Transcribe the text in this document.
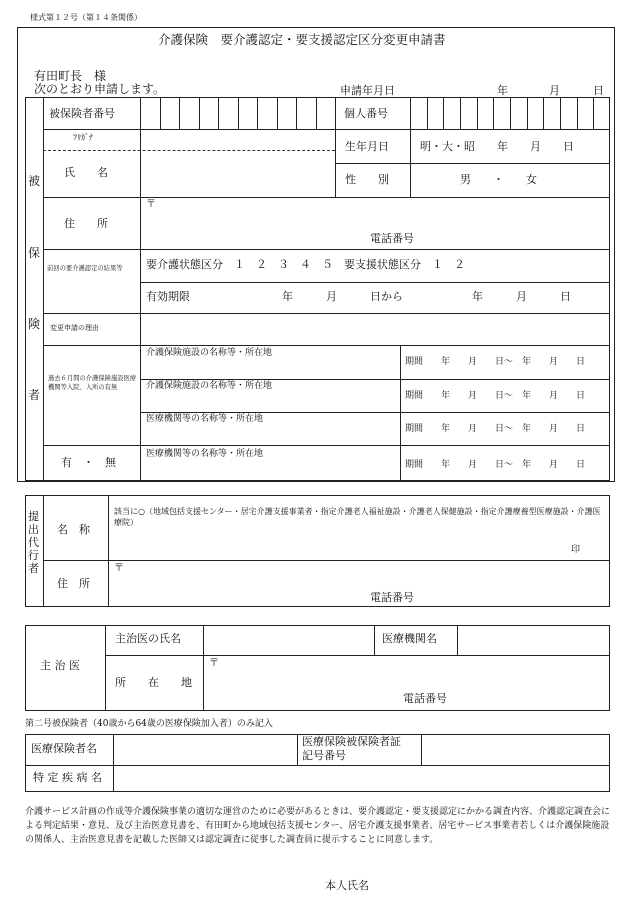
様式第１２号（第１４条関係）
介護保険　要介護認定・要支援認定区分変更申請書
有田町長　様
次のとおり申請します。	申請年月日	年	月	日
被
保
険
者
被保険者番号	個人番号
ﾌﾘｶﾞﾅ
氏　　名
生年月日	明・大・昭　　年　　月　　日
性　　別	男　　・　　女
住　　所
〒
電話番号
前回の要介護認定の結果等	要介護状態区分　１　２　３　４　５　要支援状態区分　１　２
有効期限	年　　　月　　　日から	年　　　月　　　日
変更申請の理由
過去６月間の介護保険施設医療機関等入院、入所の有無
有　・　無
介護保険施設の名称等・所在地
期間　　年　　月　　日～　年　　月　　日
介護保険施設の名称等・所在地
期間　　年　　月　　日～　年　　月　　日
医療機関等の名称等・所在地
期間　　年　　月　　日～　年　　月　　日
医療機関等の名称等・所在地
期間　　年　　月　　日～　年　　月　　日
提
出
代
行
者
名　称
該当に○（地域包括支援センター・居宅介護支援事業者・指定介護老人福祉施設・介護老人保健施設・指定介護療養型医療施設・介護医療院）
印
住　所
〒
電話番号
主 治 医
主治医の氏名	医療機関名
所　　在　　地
〒
電話番号
第二号被保険者（40歳から64歳の医療保険加入者）のみ記入
医療保険者名
医療保険被保険者証
記号番号
特 定 疾 病 名
介護サービス計画の作成等介護保険事業の適切な運営のために必要があるときは、要介護認定・要支援認定にかかる調査内容、介護認定調査会による判定結果・意見、及び主治医意見書を、有田町から地域包括支援センター、居宅介護支援事業者、居宅サービス事業者若しくは介護保険施設の関係人、主治医意見書を記載した医師又は認定調査に従事した調査員に提示することに同意します。
本人氏名
